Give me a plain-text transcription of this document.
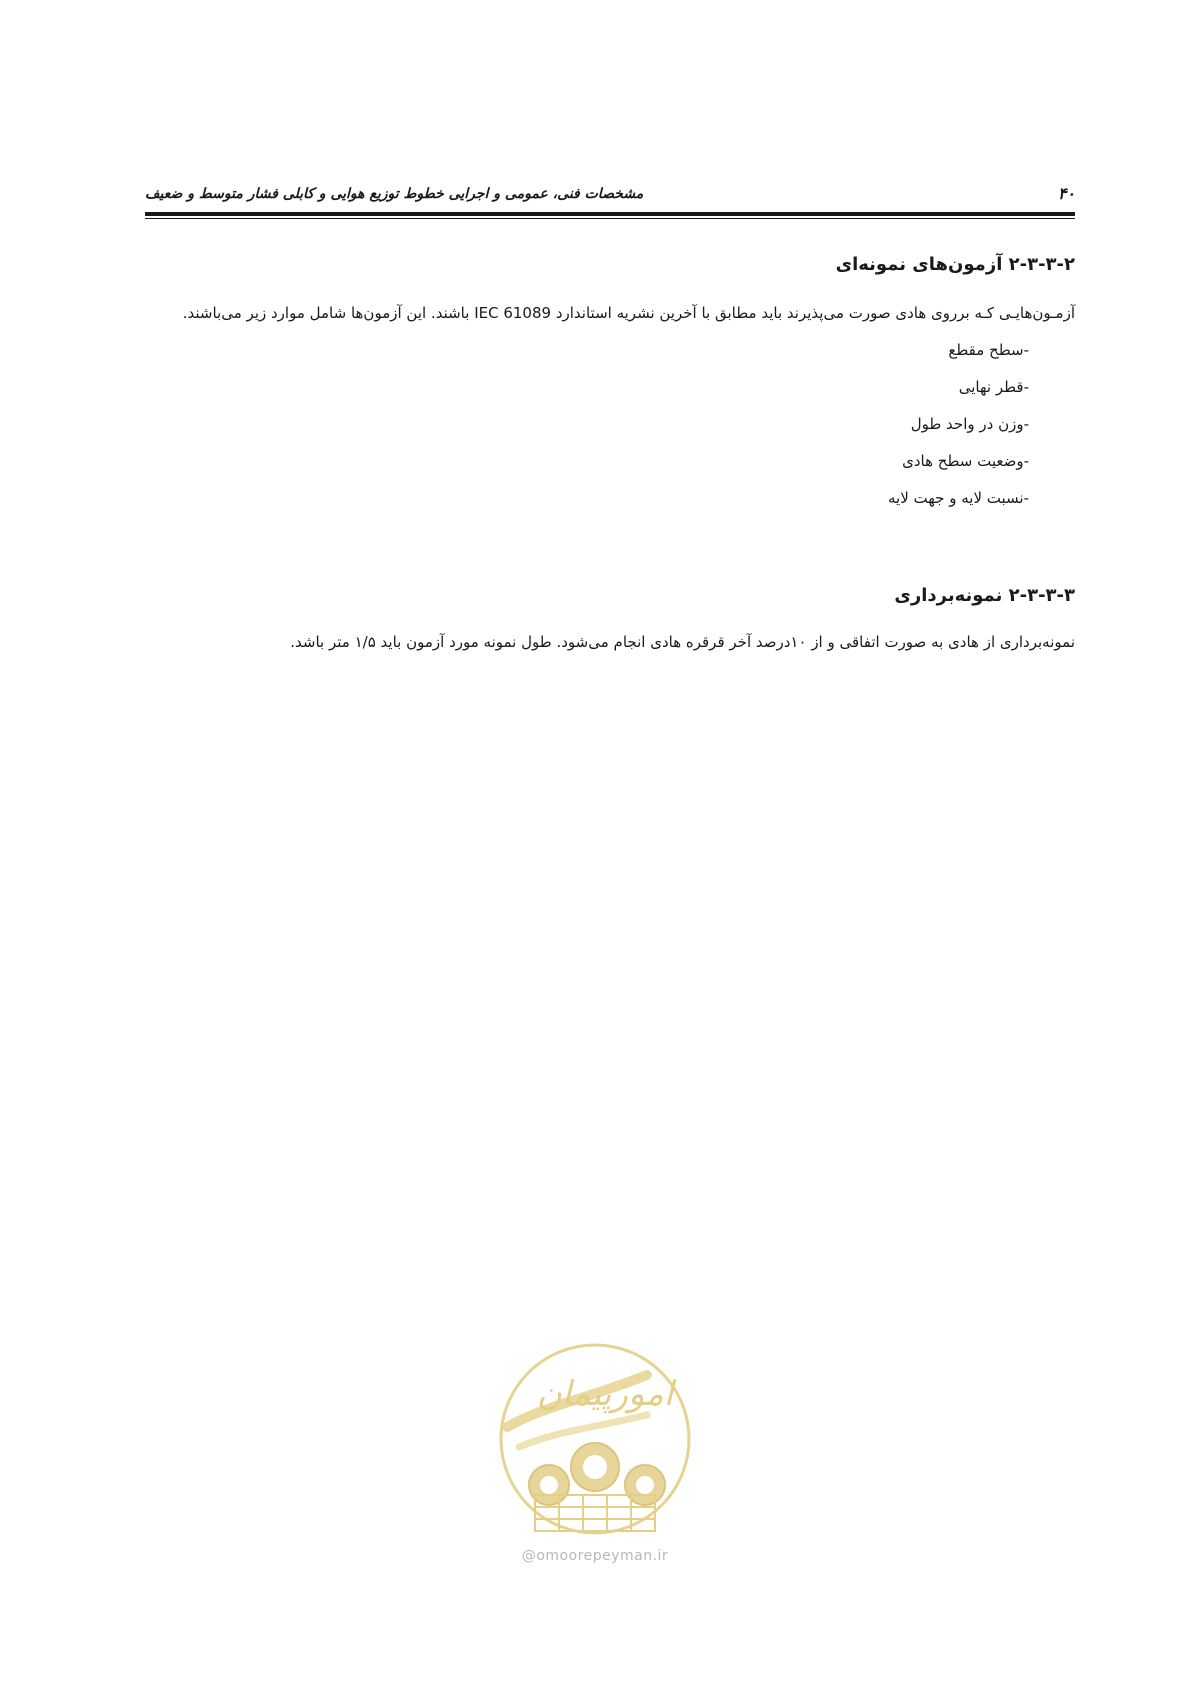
مشخصات فنی، عمومی و اجرایی خطوط توزیع هوایی و کابلی فشار متوسط و ضعیف	۴۰
۲-۳-۳-۲ آزمون‌های نمونه‌ای

آزمـون‌هایـی کـه برروی هادی صورت می‌پذیرند باید مطابق با آخرین نشریه استاندارد IEC 61089 باشند. این آزمون‌ها شامل موارد زیر می‌باشند.

-سطح مقطع
-قطر نهایی
-وزن در واحد طول
-وضعیت سطح هادی
-نسبت لایه و جهت لایه
۲-۳-۳-۳ نمونه‌برداری

نمونه‌برداری از هادی به صورت اتفاقی و از ۱۰درصد آخر قرقره هادی انجام می‌شود. طول نمونه مورد آزمون باید ۱/۵ متر باشد.

امورپیمان
@omoorepeyman.ir
